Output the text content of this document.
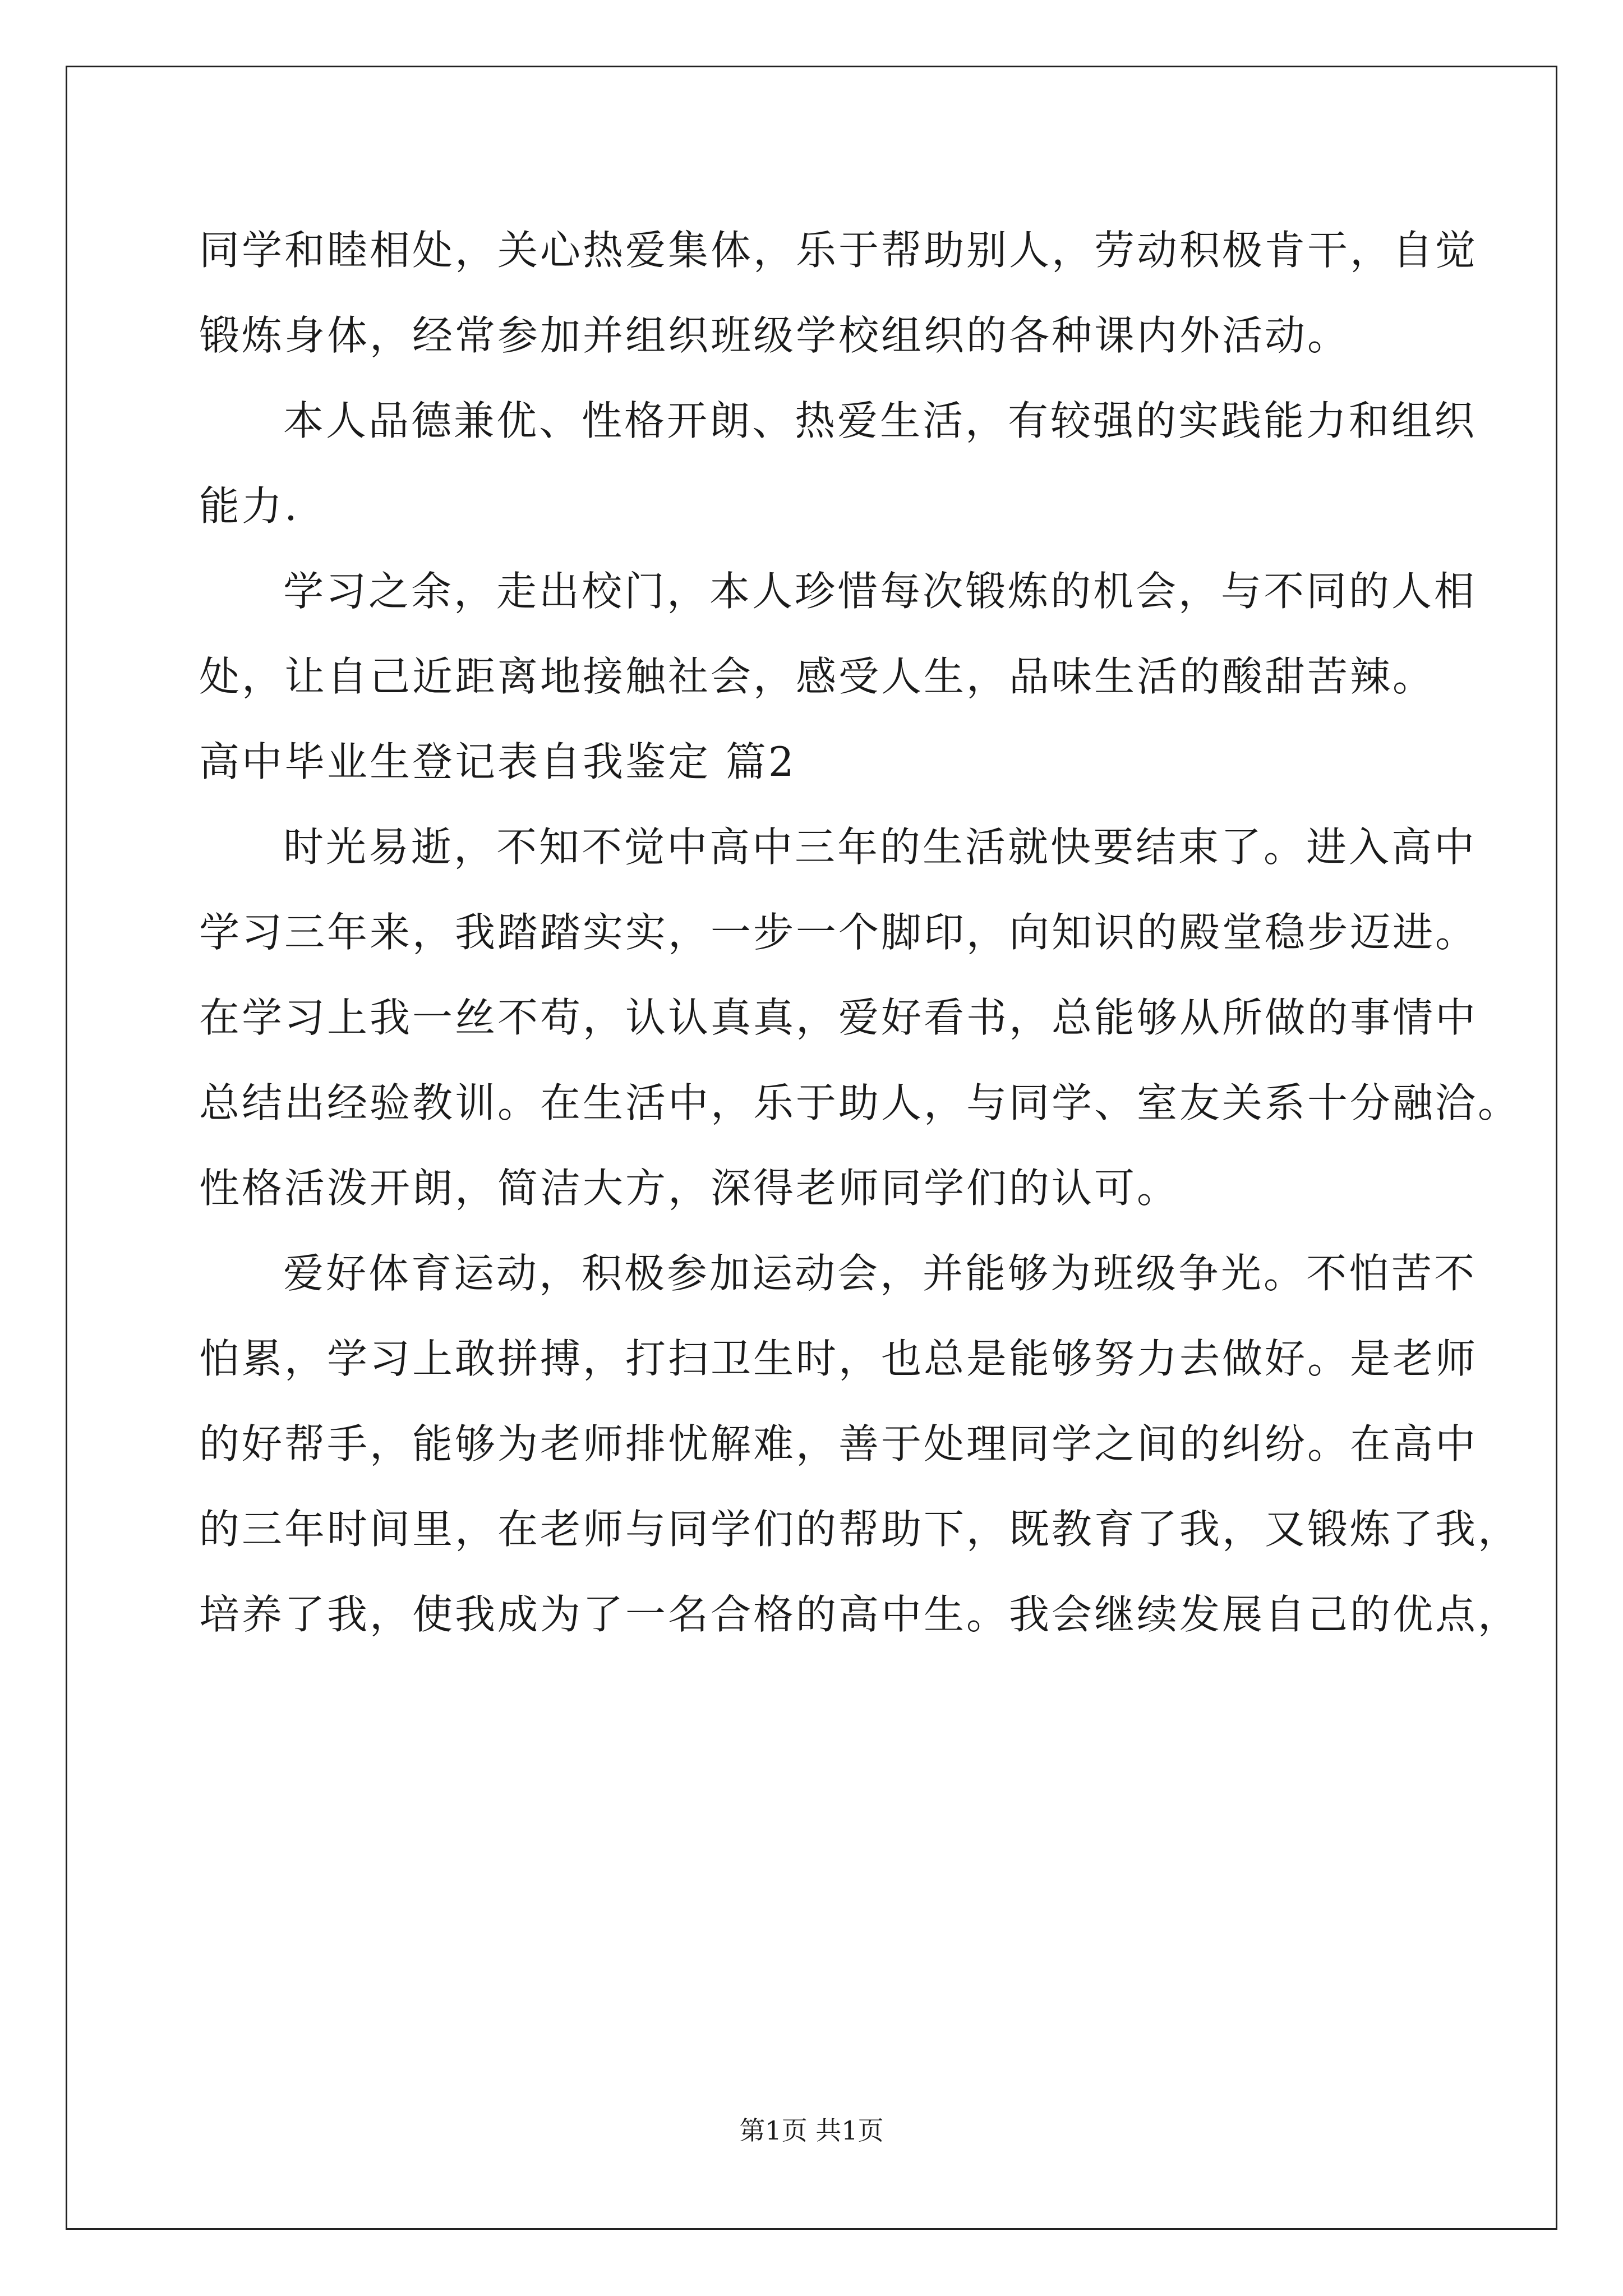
同学和睦相处，关心热爱集体，乐于帮助别人，劳动积极肯干，自觉
锻炼身体，经常参加并组织班级学校组织的各种课内外活动。
本人品德兼优、性格开朗、热爱生活，有较强的实践能力和组织
能力.
学习之余，走出校门，本人珍惜每次锻炼的机会，与不同的人相
处，让自己近距离地接触社会，感受人生，品味生活的酸甜苦辣。
高中毕业生登记表自我鉴定 篇2
时光易逝，不知不觉中高中三年的生活就快要结束了。进入高中
学习三年来，我踏踏实实，一步一个脚印，向知识的殿堂稳步迈进。
在学习上我一丝不苟，认认真真，爱好看书，总能够从所做的事情中
总结出经验教训。在生活中，乐于助人，与同学、室友关系十分融洽。
性格活泼开朗，简洁大方，深得老师同学们的认可。
爱好体育运动，积极参加运动会，并能够为班级争光。不怕苦不
怕累，学习上敢拼搏，打扫卫生时，也总是能够努力去做好。是老师
的好帮手，能够为老师排忧解难，善于处理同学之间的纠纷。在高中
的三年时间里，在老师与同学们的帮助下，既教育了我，又锻炼了我，
培养了我，使我成为了一名合格的高中生。我会继续发展自己的优点，
第1页 共1页
